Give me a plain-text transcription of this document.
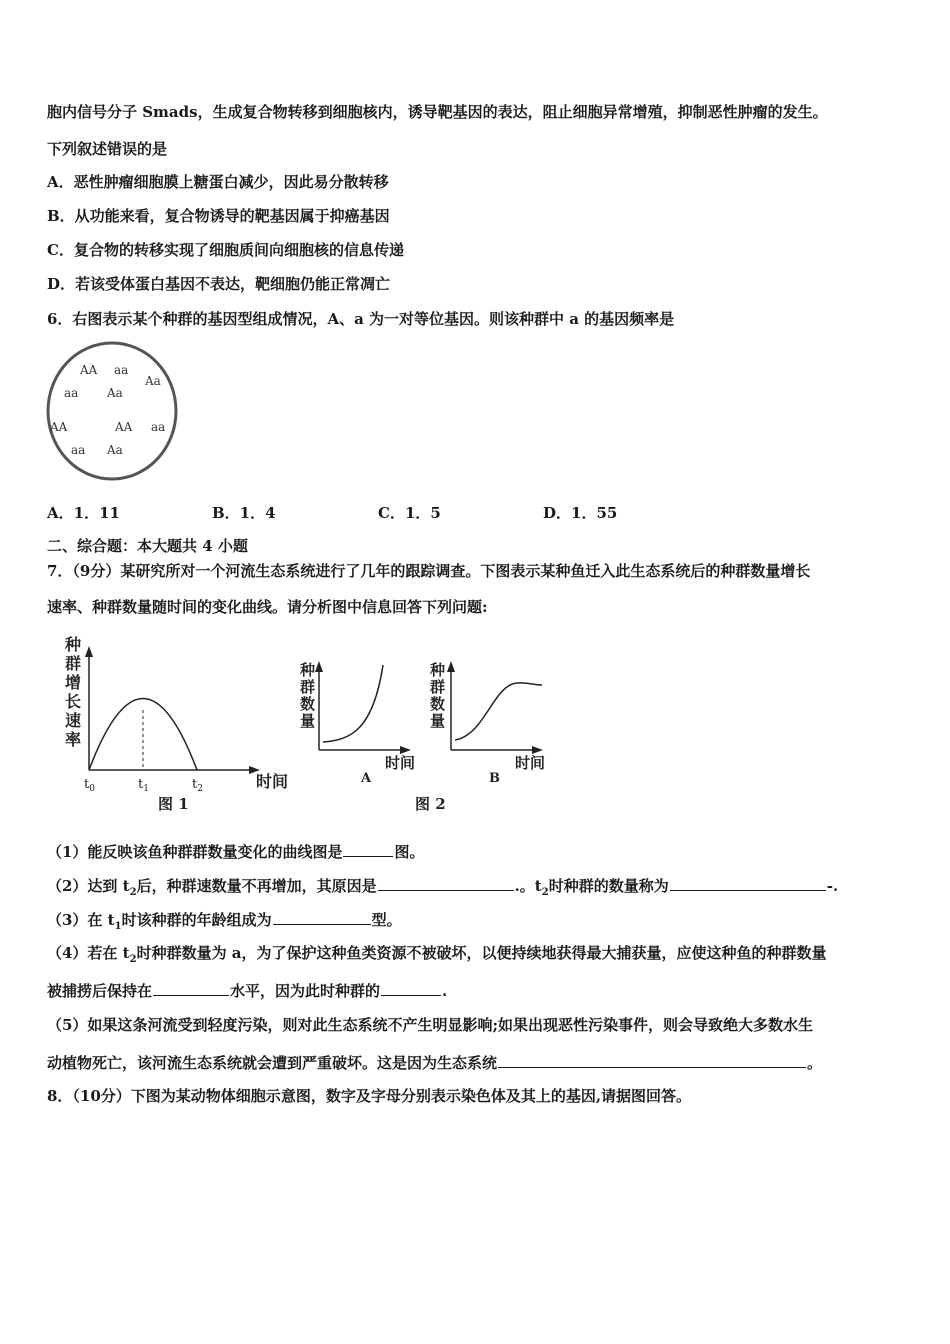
胞内信号分子 Smads，生成复合物转移到细胞核内，诱导靶基因的表达，阻止细胞异常增殖，抑制恶性肿瘤的发生。
下列叙述错误的是
A．恶性肿瘤细胞膜上糖蛋白减少，因此易分散转移
B．从功能来看，复合物诱导的靶基因属于抑癌基因
C．复合物的转移实现了细胞质间向细胞核的信息传递
D．若该受体蛋白基因不表达，靶细胞仍能正常凋亡
6．右图表示某个种群的基因型组成情况，A、a 为一对等位基因。则该种群中 a 的基因频率是
AA aa
Aa
aa Aa
AA	AA aa
aa Aa
A．1．11	B．1．4	C．1．5	D．1．55
二、综合题：本大题共 4 小题
7．（9分）某研究所对一个河流生态系统进行了几年的跟踪调查。下图表示某种鱼迁入此生态系统后的种群数量增长
速率、种群数量随时间的变化曲线。请分析图中信息回答下列问题:
种
群
增
长
速
率
$t_0$	$t_1$	$t_2$	时间
图 1
种
群
数
量
时间
A
种
群
数
量
时间
B
图 2
（1）能反映该鱼种群群数量变化的曲线图是	图。
（2）达到 $t_2$后，种群速数量不再增加，其原因是	.。$t_2$时种群的数量称为	-.
（3）在 $t_1$时该种群的年龄组成为	型。
（4）若在 $t_2$时种群数量为 a，为了保护这种鱼类资源不被破坏，以便持续地获得最大捕获量，应使这种鱼的种群数量
被捕捞后保持在	水平，因为此时种群的	.
（5）如果这条河流受到轻度污染，则对此生态系统不产生明显影响;如果出现恶性污染事件，则会导致绝大多数水生
动植物死亡，该河流生态系统就会遭到严重破坏。这是因为生态系统	。
8．（10分）下图为某动物体细胞示意图，数字及字母分别表示染色体及其上的基因,请据图回答。
